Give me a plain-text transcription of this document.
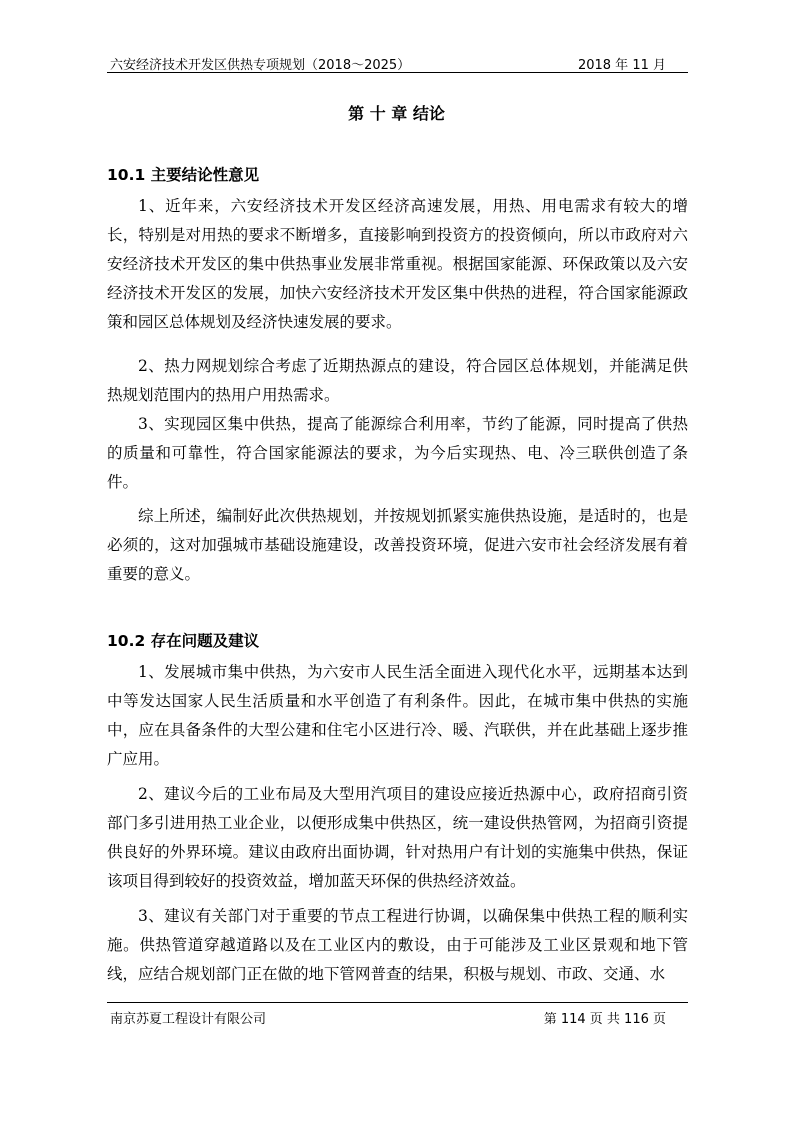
六安经济技术开发区供热专项规划（2018～2025）	2018 年 11 月
第 十 章 结论
10.1 主要结论性意见

1、近年来，六安经济技术开发区经济高速发展，用热、用电需求有较大的增长，特别是对用热的要求不断增多，直接影响到投资方的投资倾向，所以市政府对六安经济技术开发区的集中供热事业发展非常重视。根据国家能源、环保政策以及六安经济技术开发区的发展，加快六安经济技术开发区集中供热的进程，符合国家能源政策和园区总体规划及经济快速发展的要求。

2、热力网规划综合考虑了近期热源点的建设，符合园区总体规划，并能满足供热规划范围内的热用户用热需求。

3、实现园区集中供热，提高了能源综合利用率，节约了能源，同时提高了供热的质量和可靠性，符合国家能源法的要求，为今后实现热、电、冷三联供创造了条件。

综上所述，编制好此次供热规划，并按规划抓紧实施供热设施，是适时的，也是必须的，这对加强城市基础设施建设，改善投资环境，促进六安市社会经济发展有着重要的意义。

10.2 存在问题及建议

1、发展城市集中供热，为六安市人民生活全面进入现代化水平，远期基本达到中等发达国家人民生活质量和水平创造了有利条件。因此，在城市集中供热的实施中，应在具备条件的大型公建和住宅小区进行冷、暖、汽联供，并在此基础上逐步推广应用。

2、建议今后的工业布局及大型用汽项目的建设应接近热源中心，政府招商引资部门多引进用热工业企业，以便形成集中供热区，统一建设供热管网，为招商引资提供良好的外界环境。建议由政府出面协调，针对热用户有计划的实施集中供热，保证该项目得到较好的投资效益，增加蓝天环保的供热经济效益。

3、建议有关部门对于重要的节点工程进行协调，以确保集中供热工程的顺利实施。供热管道穿越道路以及在工业区内的敷设，由于可能涉及工业区景观和地下管线，应结合规划部门正在做的地下管网普查的结果，积极与规划、市政、交通、水

南京苏夏工程设计有限公司	第 114 页 共 116 页
